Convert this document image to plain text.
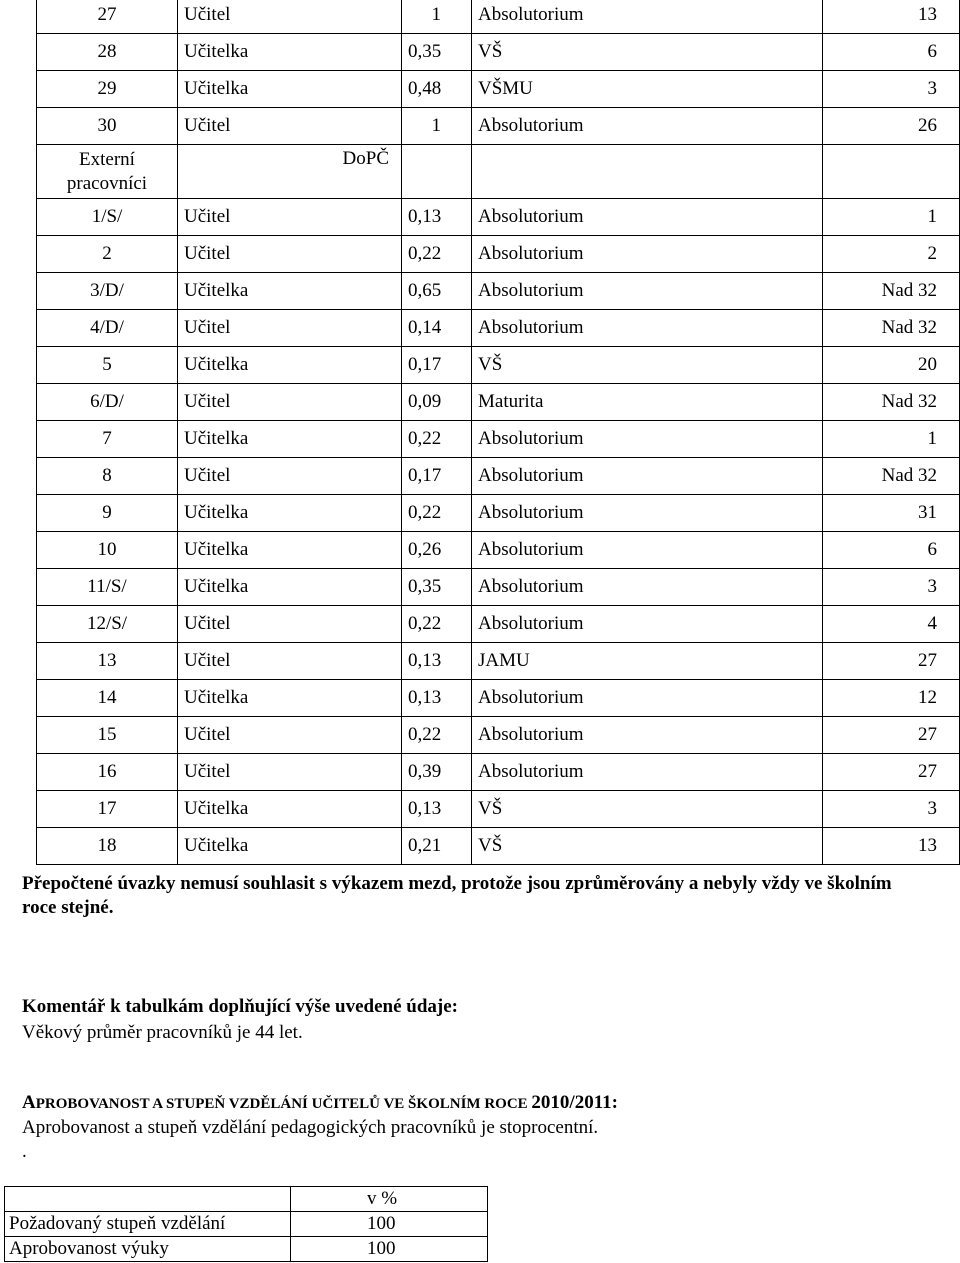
27	Učitel	1	Absolutorium	13
28	Učitelka	0,35	VŠ	6
29	Učitelka	0,48	VŠMU	3
30	Učitel	1	Absolutorium	26
Externí pracovníci	DoPČ			
1/S/	Učitel	0,13	Absolutorium	1
2	Učitel	0,22	Absolutorium	2
3/D/	Učitelka	0,65	Absolutorium	Nad 32
4/D/	Učitel	0,14	Absolutorium	Nad 32
5	Učitelka	0,17	VŠ	20
6/D/	Učitel	0,09	Maturita	Nad 32
7	Učitelka	0,22	Absolutorium	1
8	Učitel	0,17	Absolutorium	Nad 32
9	Učitelka	0,22	Absolutorium	31
10	Učitelka	0,26	Absolutorium	6
11/S/	Učitelka	0,35	Absolutorium	3
12/S/	Učitel	0,22	Absolutorium	4
13	Učitel	0,13	JAMU	27
14	Učitelka	0,13	Absolutorium	12
15	Učitel	0,22	Absolutorium	27
16	Učitel	0,39	Absolutorium	27
17	Učitelka	0,13	VŠ	3
18	Učitelka	0,21	VŠ	13
Přepočtené úvazky nemusí souhlasit s výkazem mezd, protože jsou zprůměrovány a nebyly vždy ve školním roce stejné.
Komentář k tabulkám doplňující výše uvedené údaje:
Věkový průměr pracovníků je 44 let.
APROBOVANOST A STUPEŇ VZDĚLÁNÍ UČITELŮ VE ŠKOLNÍM ROCE 2010/2011:
Aprobovanost a stupeň vzdělání pedagogických pracovníků je stoprocentní.
.
	v %
Požadovaný stupeň vzdělání	100
Aprobovanost výuky	100
